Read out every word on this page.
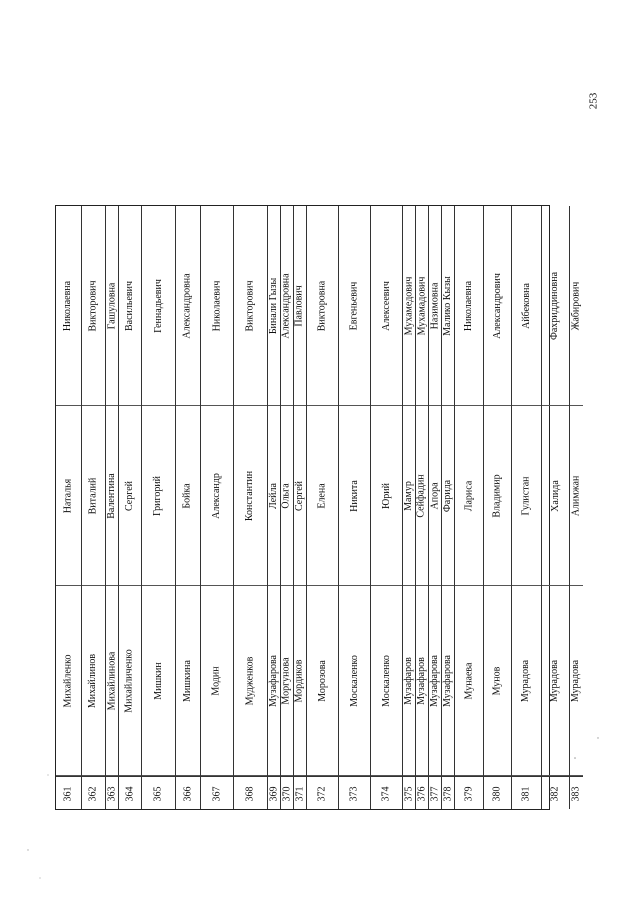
253
361
Михайленко
Наталья
Николаевна
362
Михайлинов
Виталий
Викторович
363
Михайлинова
Валентина
Гашуловна
364
Михайличенко
Сергей
Васильевич
365
Мишкин
Григорий
Геннадьевич
366
Мишкина
Бойка
Александровна
367
Модин
Александр
Николаевич
368
Мудженков
Константин
Викторович
369
Музафарова
Лейла
Бинали Гызы
370
Моргунова
Ольга
Александровна
371
Мордиков
Сергей
Павлович
372
Морозова
Елена
Викторовна
373
Москаленко
Никита
Евгеньевич
374
Москаленко
Юрий
Алексеевич
375
Музафаров
Мамур
Мухамедович
376
Музафаров
Сейфадин
Мухамадович
377
Музафарова
Апора
Назимовна
378
Музафарова
Фарида
Малико Кызы
379
Мунаева
Лариса
Николаевна
380
Мунов
Владимир
Александрович
381
Мурадова
Гулистан
Айбековна
382
Мурадова
Халида
Фахриддиновна
383
Мурадова
Алимжан
Жабирович
